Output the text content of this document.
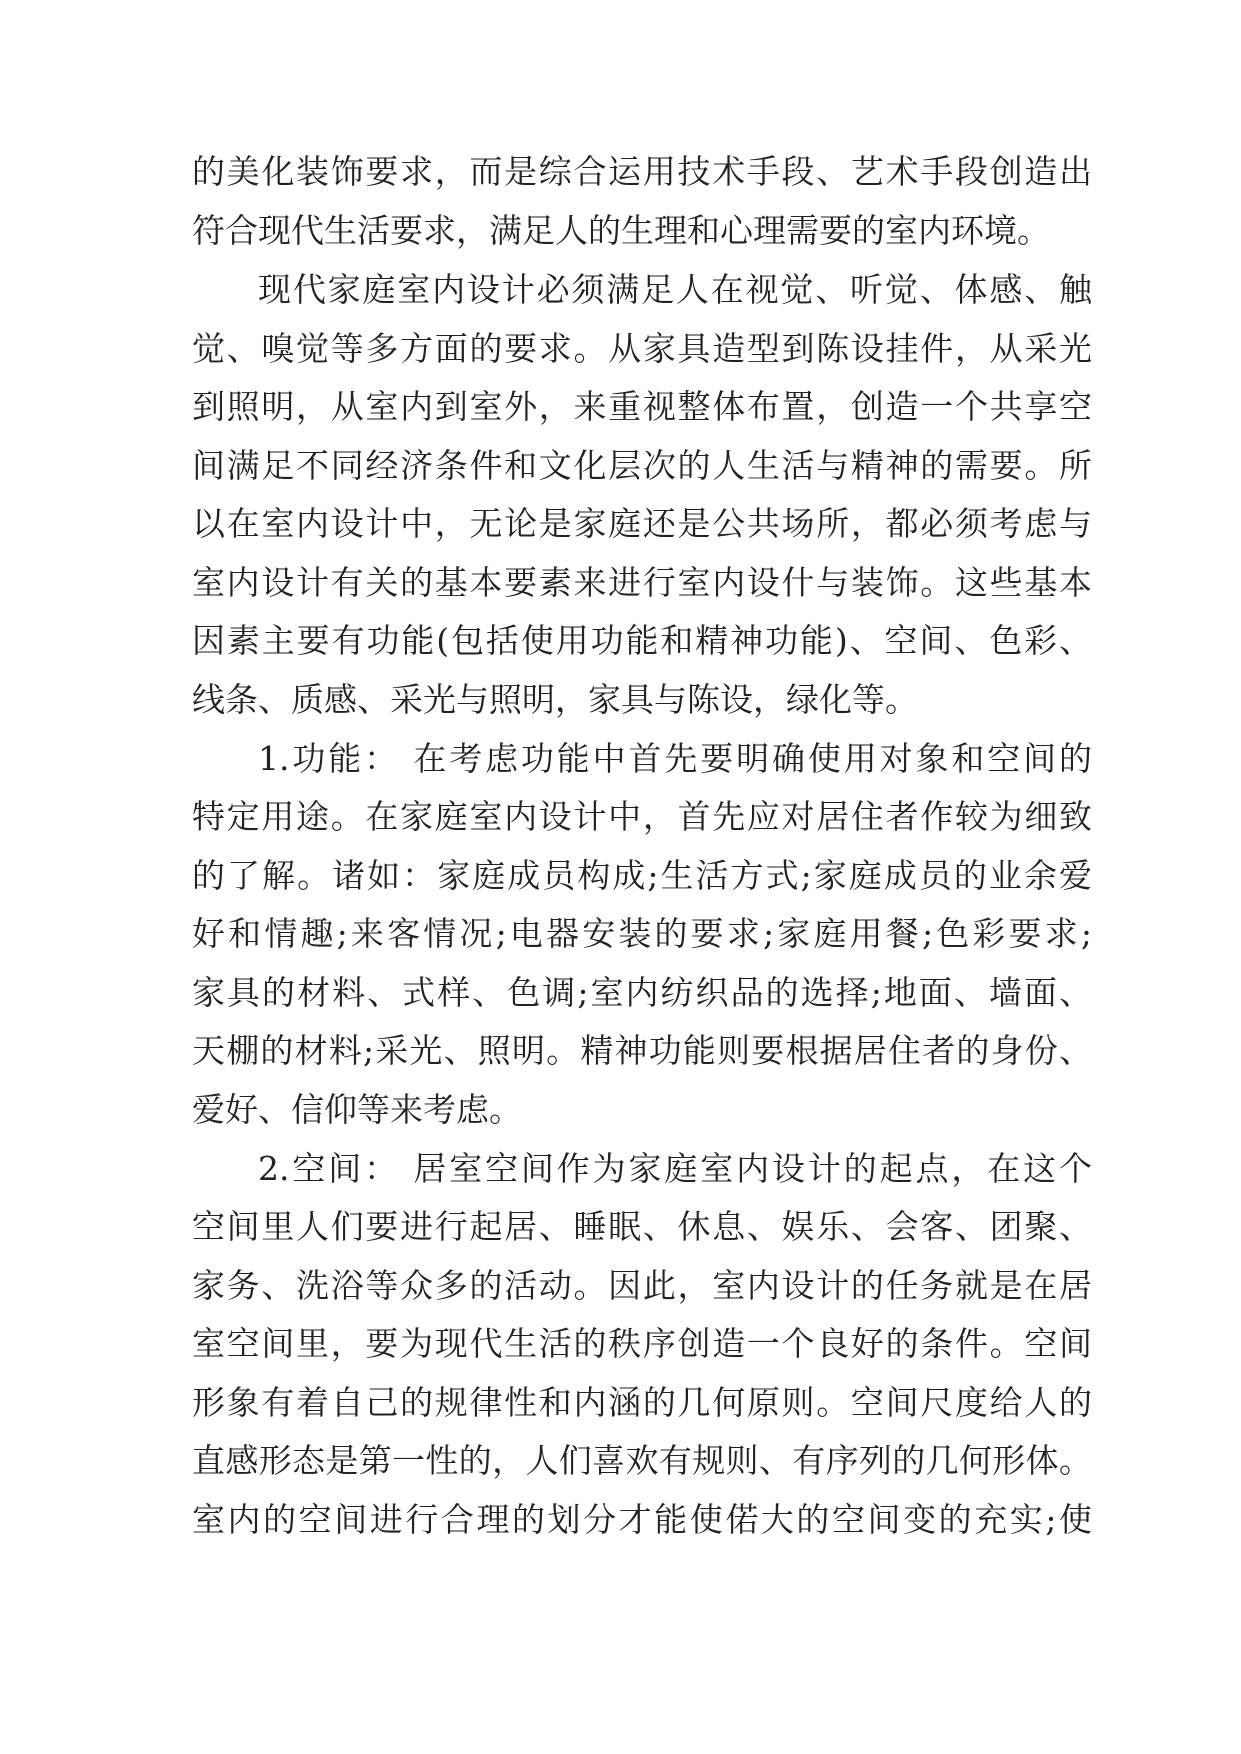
的美化装饰要求，而是综合运用技术手段、艺术手段创造出
符合现代生活要求，满足人的生理和心理需要的室内环境。
现代家庭室内设计必须满足人在视觉、听觉、体感、触
觉、嗅觉等多方面的要求。从家具造型到陈设挂件，从采光
到照明，从室内到室外，来重视整体布置，创造一个共享空
间满足不同经济条件和文化层次的人生活与精神的需要。所
以在室内设计中，无论是家庭还是公共场所，都必须考虑与
室内设计有关的基本要素来进行室内设什与装饰。这些基本
因素主要有功能(包括使用功能和精神功能)、空间、色彩、
线条、质感、采光与照明，家具与陈设，绿化等。
1.功能： 在考虑功能中首先要明确使用对象和空间的
特定用途。在家庭室内设计中，首先应对居住者作较为细致
的了解。诸如：家庭成员构成;生活方式;家庭成员的业余爱
好和情趣;来客情况;电器安装的要求;家庭用餐;色彩要求;
家具的材料、式样、色调;室内纺织品的选择;地面、墙面、
天棚的材料;采光、照明。精神功能则要根据居住者的身份、
爱好、信仰等来考虑。
2.空间： 居室空间作为家庭室内设计的起点，在这个
空间里人们要进行起居、睡眠、休息、娱乐、会客、团聚、
家务、洗浴等众多的活动。因此，室内设计的任务就是在居
室空间里，要为现代生活的秩序创造一个良好的条件。空间
形象有着自己的规律性和内涵的几何原则。空间尺度给人的
直感形态是第一性的，人们喜欢有规则、有序列的几何形体。
室内的空间进行合理的划分才能使偌大的空间变的充实;使
